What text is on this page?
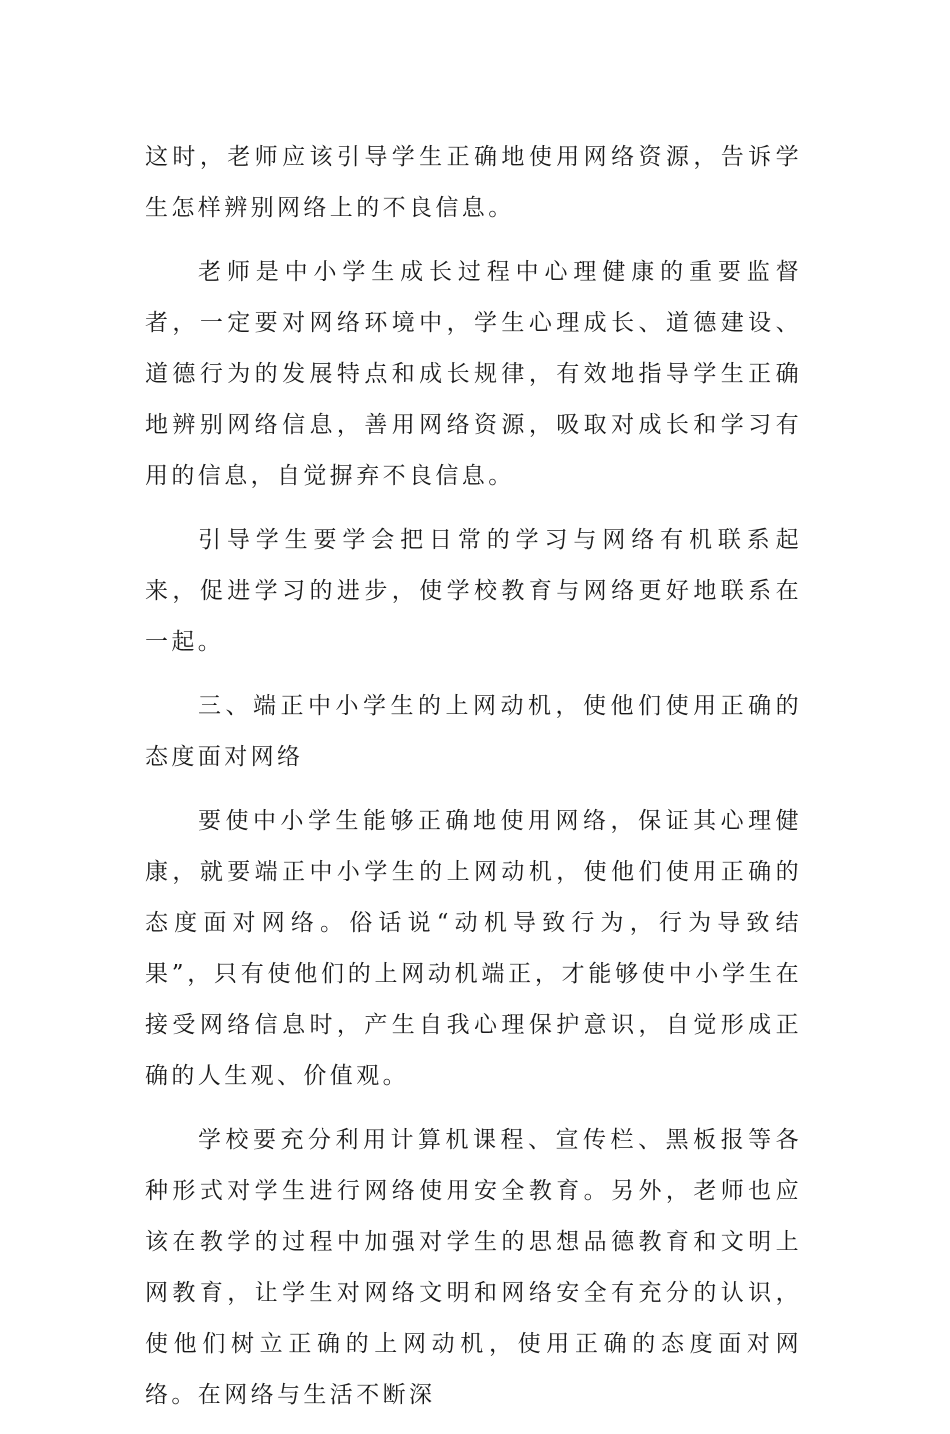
这时，老师应该引导学生正确地使用网络资源，告诉学生怎样辨别网络上的不良信息。

老师是中小学生成长过程中心理健康的重要监督者，一定要对网络环境中，学生心理成长、道德建设、道德行为的发展特点和成长规律，有效地指导学生正确地辨别网络信息，善用网络资源，吸取对成长和学习有用的信息，自觉摒弃不良信息。

引导学生要学会把日常的学习与网络有机联系起来，促进学习的进步，使学校教育与网络更好地联系在一起。

三、端正中小学生的上网动机，使他们使用正确的态度面对网络

要使中小学生能够正确地使用网络，保证其心理健康，就要端正中小学生的上网动机，使他们使用正确的态度面对网络。俗话说“动机导致行为，行为导致结果”，只有使他们的上网动机端正，才能够使中小学生在接受网络信息时，产生自我心理保护意识，自觉形成正确的人生观、价值观。

学校要充分利用计算机课程、宣传栏、黑板报等各种形式对学生进行网络使用安全教育。另外，老师也应该在教学的过程中加强对学生的思想品德教育和文明上网教育，让学生对网络文明和网络安全有充分的认识，使他们树立正确的上网动机，使用正确的态度面对网络。在网络与生活不断深
